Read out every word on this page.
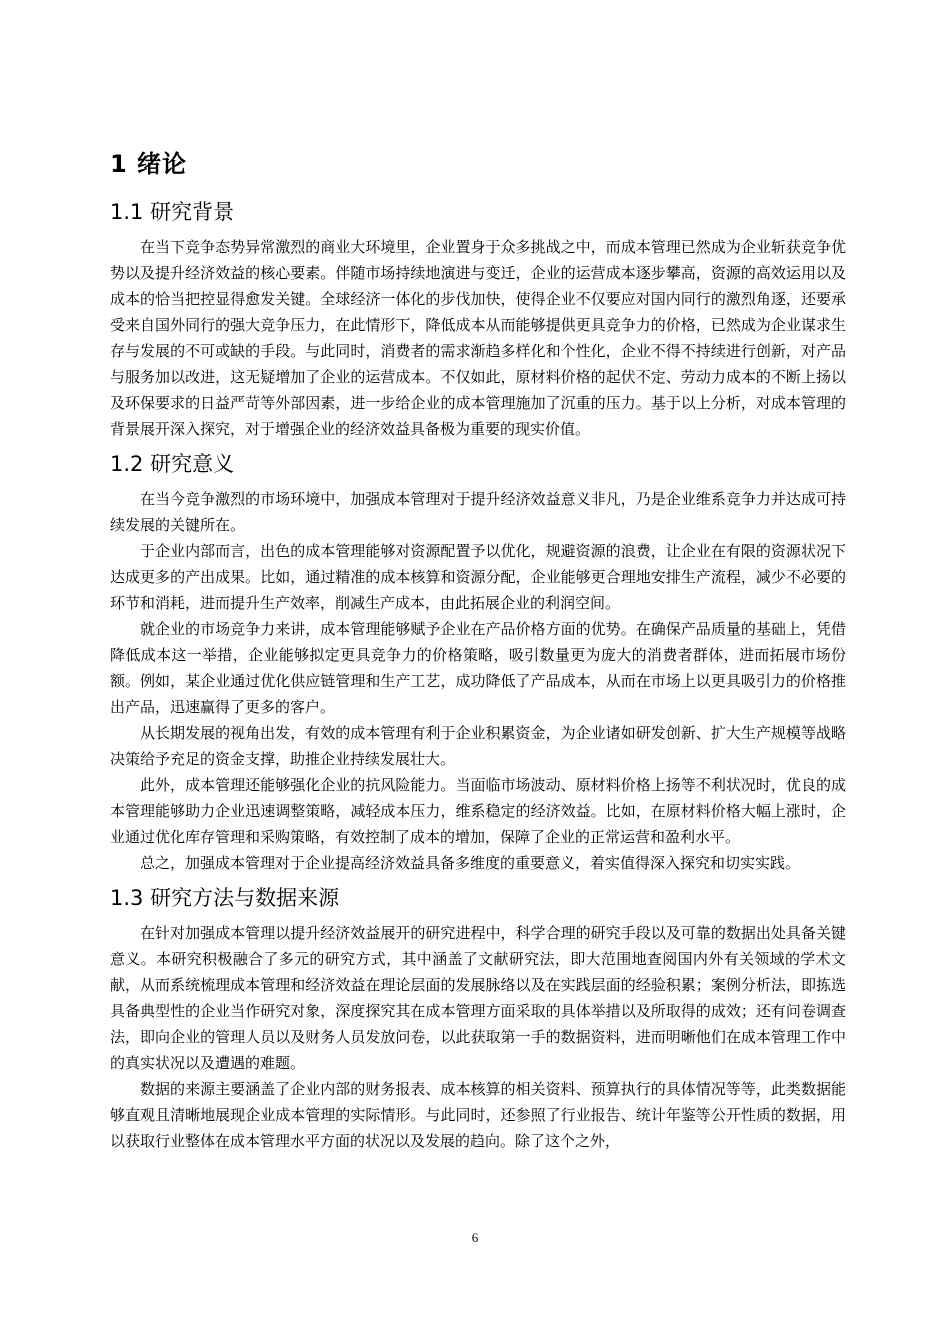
1 绪论
1.1 研究背景

在当下竞争态势异常激烈的商业大环境里，企业置身于众多挑战之中，而成本管理已然成为企业斩获竞争优势以及提升经济效益的核心要素。伴随市场持续地演进与变迁，企业的运营成本逐步攀高，资源的高效运用以及成本的恰当把控显得愈发关键。全球经济一体化的步伐加快，使得企业不仅要应对国内同行的激烈角逐，还要承受来自国外同行的强大竞争压力，在此情形下，降低成本从而能够提供更具竞争力的价格，已然成为企业谋求生存与发展的不可或缺的手段。与此同时，消费者的需求渐趋多样化和个性化，企业不得不持续进行创新，对产品与服务加以改进，这无疑增加了企业的运营成本。不仅如此，原材料价格的起伏不定、劳动力成本的不断上扬以及环保要求的日益严苛等外部因素，进一步给企业的成本管理施加了沉重的压力。基于以上分析，对成本管理的背景展开深入探究，对于增强企业的经济效益具备极为重要的现实价值。

1.2 研究意义

在当今竞争激烈的市场环境中，加强成本管理对于提升经济效益意义非凡，乃是企业维系竞争力并达成可持续发展的关键所在。

于企业内部而言，出色的成本管理能够对资源配置予以优化，规避资源的浪费，让企业在有限的资源状况下达成更多的产出成果。比如，通过精准的成本核算和资源分配，企业能够更合理地安排生产流程，减少不必要的环节和消耗，进而提升生产效率，削减生产成本，由此拓展企业的利润空间。

就企业的市场竞争力来讲，成本管理能够赋予企业在产品价格方面的优势。在确保产品质量的基础上，凭借降低成本这一举措，企业能够拟定更具竞争力的价格策略，吸引数量更为庞大的消费者群体，进而拓展市场份额。例如，某企业通过优化供应链管理和生产工艺，成功降低了产品成本，从而在市场上以更具吸引力的价格推出产品，迅速赢得了更多的客户。

从长期发展的视角出发，有效的成本管理有利于企业积累资金，为企业诸如研发创新、扩大生产规模等战略决策给予充足的资金支撑，助推企业持续发展壮大。

此外，成本管理还能够强化企业的抗风险能力。当面临市场波动、原材料价格上扬等不利状况时，优良的成本管理能够助力企业迅速调整策略，减轻成本压力，维系稳定的经济效益。比如，在原材料价格大幅上涨时，企业通过优化库存管理和采购策略，有效控制了成本的增加，保障了企业的正常运营和盈利水平。

总之，加强成本管理对于企业提高经济效益具备多维度的重要意义，着实值得深入探究和切实实践。

1.3 研究方法与数据来源

在针对加强成本管理以提升经济效益展开的研究进程中，科学合理的研究手段以及可靠的数据出处具备关键意义。本研究积极融合了多元的研究方式，其中涵盖了文献研究法，即大范围地查阅国内外有关领域的学术文献，从而系统梳理成本管理和经济效益在理论层面的发展脉络以及在实践层面的经验积累；案例分析法，即拣选具备典型性的企业当作研究对象，深度探究其在成本管理方面采取的具体举措以及所取得的成效；还有问卷调查法，即向企业的管理人员以及财务人员发放问卷，以此获取第一手的数据资料，进而明晰他们在成本管理工作中的真实状况以及遭遇的难题。

数据的来源主要涵盖了企业内部的财务报表、成本核算的相关资料、预算执行的具体情况等等，此类数据能够直观且清晰地展现企业成本管理的实际情形。与此同时，还参照了行业报告、统计年鉴等公开性质的数据，用以获取行业整体在成本管理水平方面的状况以及发展的趋向。除了这个之外，

6
